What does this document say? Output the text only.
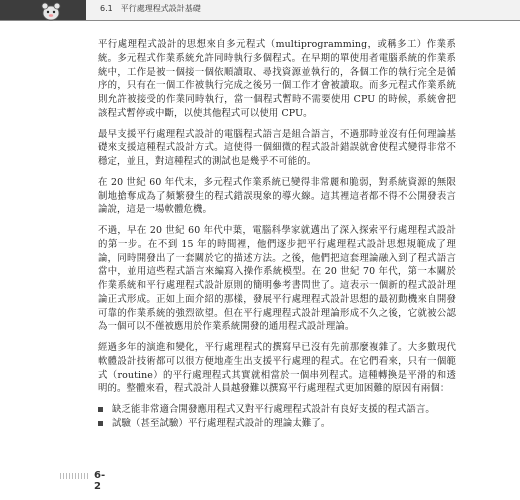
6.1 平行處理程式設計基礎

平行處理程式設計的思想來自多元程式（multiprogramming，或稱多工）作業系統。多元程式作業系統允許同時執行多個程式。在早期的單使用者電腦系統的作業系統中，工作是被一個接一個依順讀取、尋找資源並執行的，各個工作的執行完全是循序的，只有在一個工作被執行完成之後另一個工作才會被讀取。而多元程式作業系統則允許被接受的作業同時執行，當一個程式暫時不需要使用 CPU 的時候，系統會把該程式暫停或中斷，以使其他程式可以使用 CPU。

最早支援平行處理程式設計的電腦程式語言是組合語言，不過那時並沒有任何理論基礎來支援這種程式設計方式。這使得一個細微的程式設計錯誤就會使程式變得非常不穩定，並且，對這種程式的測試也是幾乎不可能的。

在 20 世紀 60 年代末，多元程式作業系統已變得非常麗和脆弱，對系統資源的無限制地搶奪成為了頻繁發生的程式錯誤現象的導火線。這其裡這者都不得不公開發表言論說，這是一場軟體危機。

不過，早在 20 世紀 60 年代中葉，電腦科學家就邁出了深入探索平行處理程式設計的第一步。在不到 15 年的時間裡，他們逐步把平行處理程式設計思想規範成了理論，同時開發出了一套關於它的描述方法。之後，他們把這套理論融入到了程式語言當中，並用這些程式語言來編寫入操作系統模型。在 20 世紀 70 年代，第一本關於作業系統和平行處理程式設計原則的簡明參考書問世了。這表示一個新的程式設計理論正式形成。正如上面介紹的那樣，發展平行處理程式設計思想的最初動機來自開發可靠的作業系統的強烈欲望。但在平行處理程式設計理論形成不久之後，它就被公認為一個可以不僅被應用於作業系統開發的通用程式設計理論。

經過多年的演進和變化，平行處理程式的撰寫早已沒有先前那麼複雜了。大多數現代軟體設計技術都可以很方便地產生出支援平行處理的程式。在它們看來，只有一個範式（routine）的平行處理程式其實就相當於一個串列程式。這種轉換是平滑的和透明的。整體來看，程式設計人員越發難以撰寫平行處理程式更加困難的原因有兩個：

缺乏能非常適合開發應用程式又對平行處理程式設計有良好支援的程式語言。
試驗（甚至試驗）平行處理程式設計的理論太難了。
6-2
